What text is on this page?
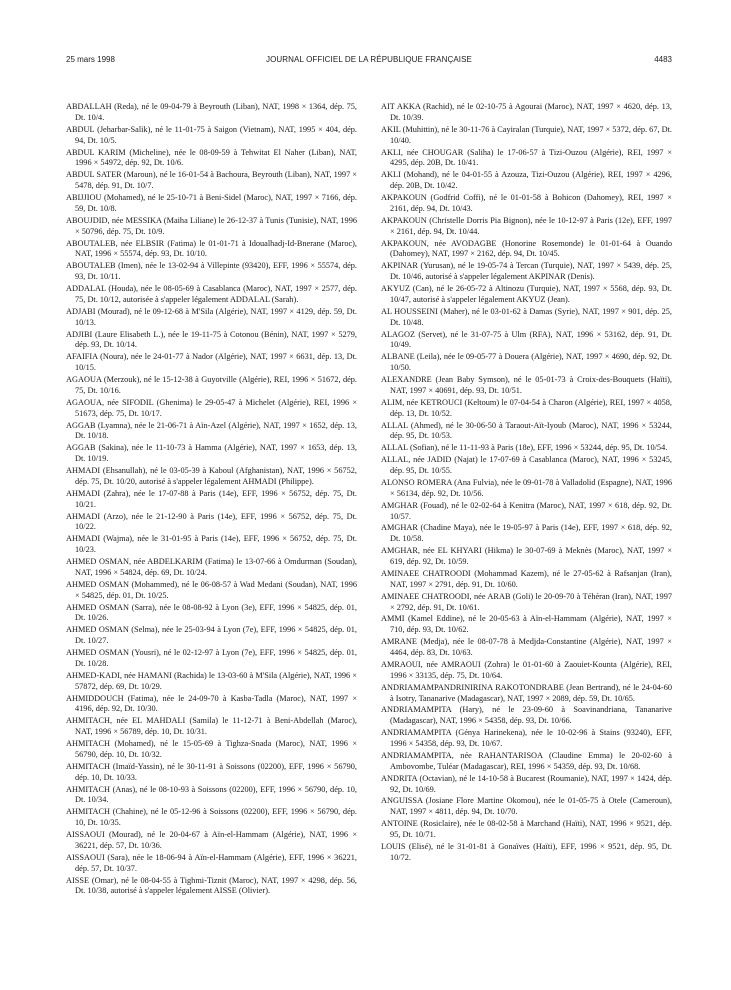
25 mars 1998	JOURNAL OFFICIEL DE LA RÉPUBLIQUE FRANÇAISE	4483

ABDALLAH (Reda), né le 09-04-79 à Beyrouth (Liban), NAT, 1998 × 1364, dép. 75, Dt. 10/4.

ABDUL (Jeharbar-Salik), né le 11-01-75 à Saigon (Vietnam), NAT, 1995 × 404, dép. 94, Dt. 10/5.

ABDUL KARIM (Micheline), née le 08-09-59 à Tehwitat El Naher (Liban), NAT, 1996 × 54972, dép. 92, Dt. 10/6.

ABDUL SATER (Maroun), né le 16-01-54 à Bachoura, Beyrouth (Liban), NAT, 1997 × 5478, dép. 91, Dt. 10/7.

ABIJJIOU (Mohamed), né le 25-10-71 à Beni-Sidel (Maroc), NAT, 1997 × 7166, dép. 59, Dt. 10/8.

ABOUJDID, née MESSIKA (Maiha Liliane) le 26-12-37 à Tunis (Tunisie), NAT, 1996 × 50796, dép. 75, Dt. 10/9.

ABOUTALEB, née ELBSIR (Fatima) le 01-01-71 à Idoualhadj-Id-Bnerane (Maroc), NAT, 1996 × 55574, dép. 93, Dt. 10/10.

ABOUTALEB (Imen), née le 13-02-94 à Villepinte (93420), EFF, 1996 × 55574, dép. 93, Dt. 10/11.

ADDALAL (Houda), née le 08-05-69 à Casablanca (Maroc), NAT, 1997 × 2577, dép. 75, Dt. 10/12, autorisée à s'appeler légalement ADDALAL (Sarah).

ADJABI (Mourad), né le 09-12-68 à M'Sila (Algérie), NAT, 1997 × 4129, dép. 59, Dt. 10/13.

ADJIBI (Laure Elisabeth L.), née le 19-11-75 à Cotonou (Bénin), NAT, 1997 × 5279, dép. 93, Dt. 10/14.

AFAIFIA (Noura), née le 24-01-77 à Nador (Algérie), NAT, 1997 × 6631, dép. 13, Dt. 10/15.

AGAOUA (Merzouk), né le 15-12-38 à Guyotville (Algérie), REI, 1996 × 51672, dép. 75, Dt. 10/16.

AGAOUA, née SIFODIL (Ghenima) le 29-05-47 à Michelet (Algérie), REI, 1996 × 51673, dép. 75, Dt. 10/17.

AGGAB (Lyamna), née le 21-06-71 à Aïn-Azel (Algérie), NAT, 1997 × 1652, dép. 13, Dt. 10/18.

AGGAB (Sakina), née le 11-10-73 à Hamma (Algérie), NAT, 1997 × 1653, dép. 13, Dt. 10/19.

AHMADI (Ehsanullah), né le 03-05-39 à Kaboul (Afghanistan), NAT, 1996 × 56752, dép. 75, Dt. 10/20, autorisé à s'appeler légalement AHMADI (Philippe).

AHMADI (Zahra), née le 17-07-88 à Paris (14e), EFF, 1996 × 56752, dép. 75, Dt. 10/21.

AHMADI (Arzo), née le 21-12-90 à Paris (14e), EFF, 1996 × 56752, dép. 75, Dt. 10/22.

AHMADI (Wajma), née le 31-01-95 à Paris (14e), EFF, 1996 × 56752, dép. 75, Dt. 10/23.

AHMED OSMAN, née ABDELKARIM (Fatima) le 13-07-66 à Omdurman (Soudan), NAT, 1996 × 54824, dép. 69, Dt. 10/24.

AHMED OSMAN (Mohammed), né le 06-08-57 à Wad Medani (Soudan), NAT, 1996 × 54825, dép. 01, Dt. 10/25.

AHMED OSMAN (Sarra), née le 08-08-92 à Lyon (3e), EFF, 1996 × 54825, dép. 01, Dt. 10/26.

AHMED OSMAN (Selma), née le 25-03-94 à Lyon (7e), EFF, 1996 × 54825, dép. 01, Dt. 10/27.

AHMED OSMAN (Yousri), né le 02-12-97 à Lyon (7e), EFF, 1996 × 54825, dép. 01, Dt. 10/28.

AHMED-KADI, née HAMANI (Rachida) le 13-03-60 à M'Sila (Algérie), NAT, 1996 × 57872, dép. 69, Dt. 10/29.

AHMIDDOUCH (Fatima), née le 24-09-70 à Kasba-Tadla (Maroc), NAT, 1997 × 4196, dép. 92, Dt. 10/30.

AHMITACH, née EL MAHDALI (Samila) le 11-12-71 à Beni-Abdellah (Maroc), NAT, 1996 × 56789, dép. 10, Dt. 10/31.

AHMITACH (Mohamed), né le 15-05-69 à Tighza-Snada (Maroc), NAT, 1996 × 56790, dép. 10, Dt. 10/32.

AHMITACH (Imaïd-Yassin), né le 30-11-91 à Soissons (02200), EFF, 1996 × 56790, dép. 10, Dt. 10/33.

AHMITACH (Anas), né le 08-10-93 à Soissons (02200), EFF, 1996 × 56790, dép. 10, Dt. 10/34.

AHMITACH (Chahine), né le 05-12-96 à Soissons (02200), EFF, 1996 × 56790, dép. 10, Dt. 10/35.

AISSAOUI (Mourad), né le 20-04-67 à Aïn-el-Hammam (Algérie), NAT, 1996 × 36221, dép. 57, Dt. 10/36.

AISSAOUI (Sara), née le 18-06-94 à Aïn-el-Hammam (Algérie), EFF, 1996 × 36221, dép. 57, Dt. 10/37.

AISSE (Omar), né le 08-04-55 à Tighmi-Tiznit (Maroc), NAT, 1997 × 4298, dép. 56, Dt. 10/38, autorisé à s'appeler légalement AISSE (Olivier).

AIT AKKA (Rachid), né le 02-10-75 à Agourai (Maroc), NAT, 1997 × 4620, dép. 13, Dt. 10/39.

AKIL (Muhittin), né le 30-11-76 à Cayiralan (Turquie), NAT, 1997 × 5372, dép. 67, Dt. 10/40.

AKLI, née CHOUGAR (Saliha) le 17-06-57 à Tizi-Ouzou (Algérie), REI, 1997 × 4295, dép. 20B, Dt. 10/41.

AKLI (Mohand), né le 04-01-55 à Azouza, Tizi-Ouzou (Algérie), REI, 1997 × 4296, dép. 20B, Dt. 10/42.

AKPAKOUN (Godfrid Coffi), né le 01-01-58 à Bohicon (Dahomey), REI, 1997 × 2161, dép. 94, Dt. 10/43.

AKPAKOUN (Christelle Dorris Pia Bignon), née le 10-12-97 à Paris (12e), EFF, 1997 × 2161, dép. 94, Dt. 10/44.

AKPAKOUN, née AVODAGBE (Honorine Rosemonde) le 01-01-64 à Ouando (Dahomey), NAT, 1997 × 2162, dép. 94, Dt. 10/45.

AKPINAR (Yurusan), né le 19-05-74 à Tercan (Turquie), NAT, 1997 × 5439, dép. 25, Dt. 10/46, autorisé à s'appeler légalement AKPINAR (Denis).

AKYUZ (Can), né le 26-05-72 à Altinozu (Turquie), NAT, 1997 × 5568, dép. 93, Dt. 10/47, autorisé à s'appeler légalement AKYUZ (Jean).

AL HOUSSEINI (Maher), né le 03-01-62 à Damas (Syrie), NAT, 1997 × 901, dép. 25, Dt. 10/48.

ALAGOZ (Servet), né le 31-07-75 à Ulm (RFA), NAT, 1996 × 53162, dép. 91, Dt. 10/49.

ALBANE (Leila), née le 09-05-77 à Douera (Algérie), NAT, 1997 × 4690, dép. 92, Dt. 10/50.

ALEXANDRE (Jean Baby Symson), né le 05-01-73 à Croix-des-Bouquets (Haïti), NAT, 1997 × 40691, dép. 93, Dt. 10/51.

ALIM, née KETROUCI (Keltoum) le 07-04-54 à Charon (Algérie), REI, 1997 × 4058, dép. 13, Dt. 10/52.

ALLAL (Ahmed), né le 30-06-50 à Taraout-Aït-Iyoub (Maroc), NAT, 1996 × 53244, dép. 95, Dt. 10/53.

ALLAL (Sofian), né le 11-11-93 à Paris (18e), EFF, 1996 × 53244, dép. 95, Dt. 10/54.

ALLAL, née JADID (Najat) le 17-07-69 à Casablanca (Maroc), NAT, 1996 × 53245, dép. 95, Dt. 10/55.

ALONSO ROMERA (Ana Fulvia), née le 09-01-78 à Valladolid (Espagne), NAT, 1996 × 56134, dép. 92, Dt. 10/56.

AMGHAR (Fouad), né le 02-02-64 à Kenitra (Maroc), NAT, 1997 × 618, dép. 92, Dt. 10/57.

AMGHAR (Chadine Maya), née le 19-05-97 à Paris (14e), EFF, 1997 × 618, dép. 92, Dt. 10/58.

AMGHAR, née EL KHYARI (Hikma) le 30-07-69 à Meknès (Maroc), NAT, 1997 × 619, dép. 92, Dt. 10/59.

AMINAEE CHATROODI (Mohammad Kazem), né le 27-05-62 à Rafsanjan (Iran), NAT, 1997 × 2791, dép. 91, Dt. 10/60.

AMINAEE CHATROODI, née ARAB (Goli) le 20-09-70 à Téhéran (Iran), NAT, 1997 × 2792, dép. 91, Dt. 10/61.

AMMI (Kamel Eddine), né le 20-05-63 à Aïn-el-Hammam (Algérie), NAT, 1997 × 710, dép. 93, Dt. 10/62.

AMRANE (Medja), née le 08-07-78 à Medjda-Constantine (Algérie), NAT, 1997 × 4464, dép. 83, Dt. 10/63.

AMRAOUI, née AMRAOUI (Zohra) le 01-01-60 à Zaouiet-Kounta (Algérie), REI, 1996 × 33135, dép. 75, Dt. 10/64.

ANDRIAMAMPANDRINIRINA RAKOTONDRABE (Jean Bertrand), né le 24-04-60 à Isotry, Tananarive (Madagascar), NAT, 1997 × 2089, dép. 59, Dt. 10/65.

ANDRIAMAMPITA (Hary), né le 23-09-60 à Soavinandriana, Tananarive (Madagascar), NAT, 1996 × 54358, dép. 93, Dt. 10/66.

ANDRIAMAMPITA (Génya Harinekena), née le 10-02-96 à Stains (93240), EFF, 1996 × 54358, dép. 93, Dt. 10/67.

ANDRIAMAMPITA, née RAHANTARISOA (Claudine Emma) le 20-02-60 à Ambovombe, Tuléar (Madagascar), REI, 1996 × 54359, dép. 93, Dt. 10/68.

ANDRITA (Octavian), né le 14-10-58 à Bucarest (Roumanie), NAT, 1997 × 1424, dép. 92, Dt. 10/69.

ANGUISSA (Josiane Flore Martine Okomou), née le 01-05-75 à Otele (Cameroun), NAT, 1997 × 4811, dép. 94, Dt. 10/70.

ANTOINE (Rosiclaire), née le 08-02-58 à Marchand (Haïti), NAT, 1996 × 9521, dép. 95, Dt. 10/71.

LOUIS (Elisé), né le 31-01-81 à Gonaïves (Haïti), EFF, 1996 × 9521, dép. 95, Dt. 10/72.
